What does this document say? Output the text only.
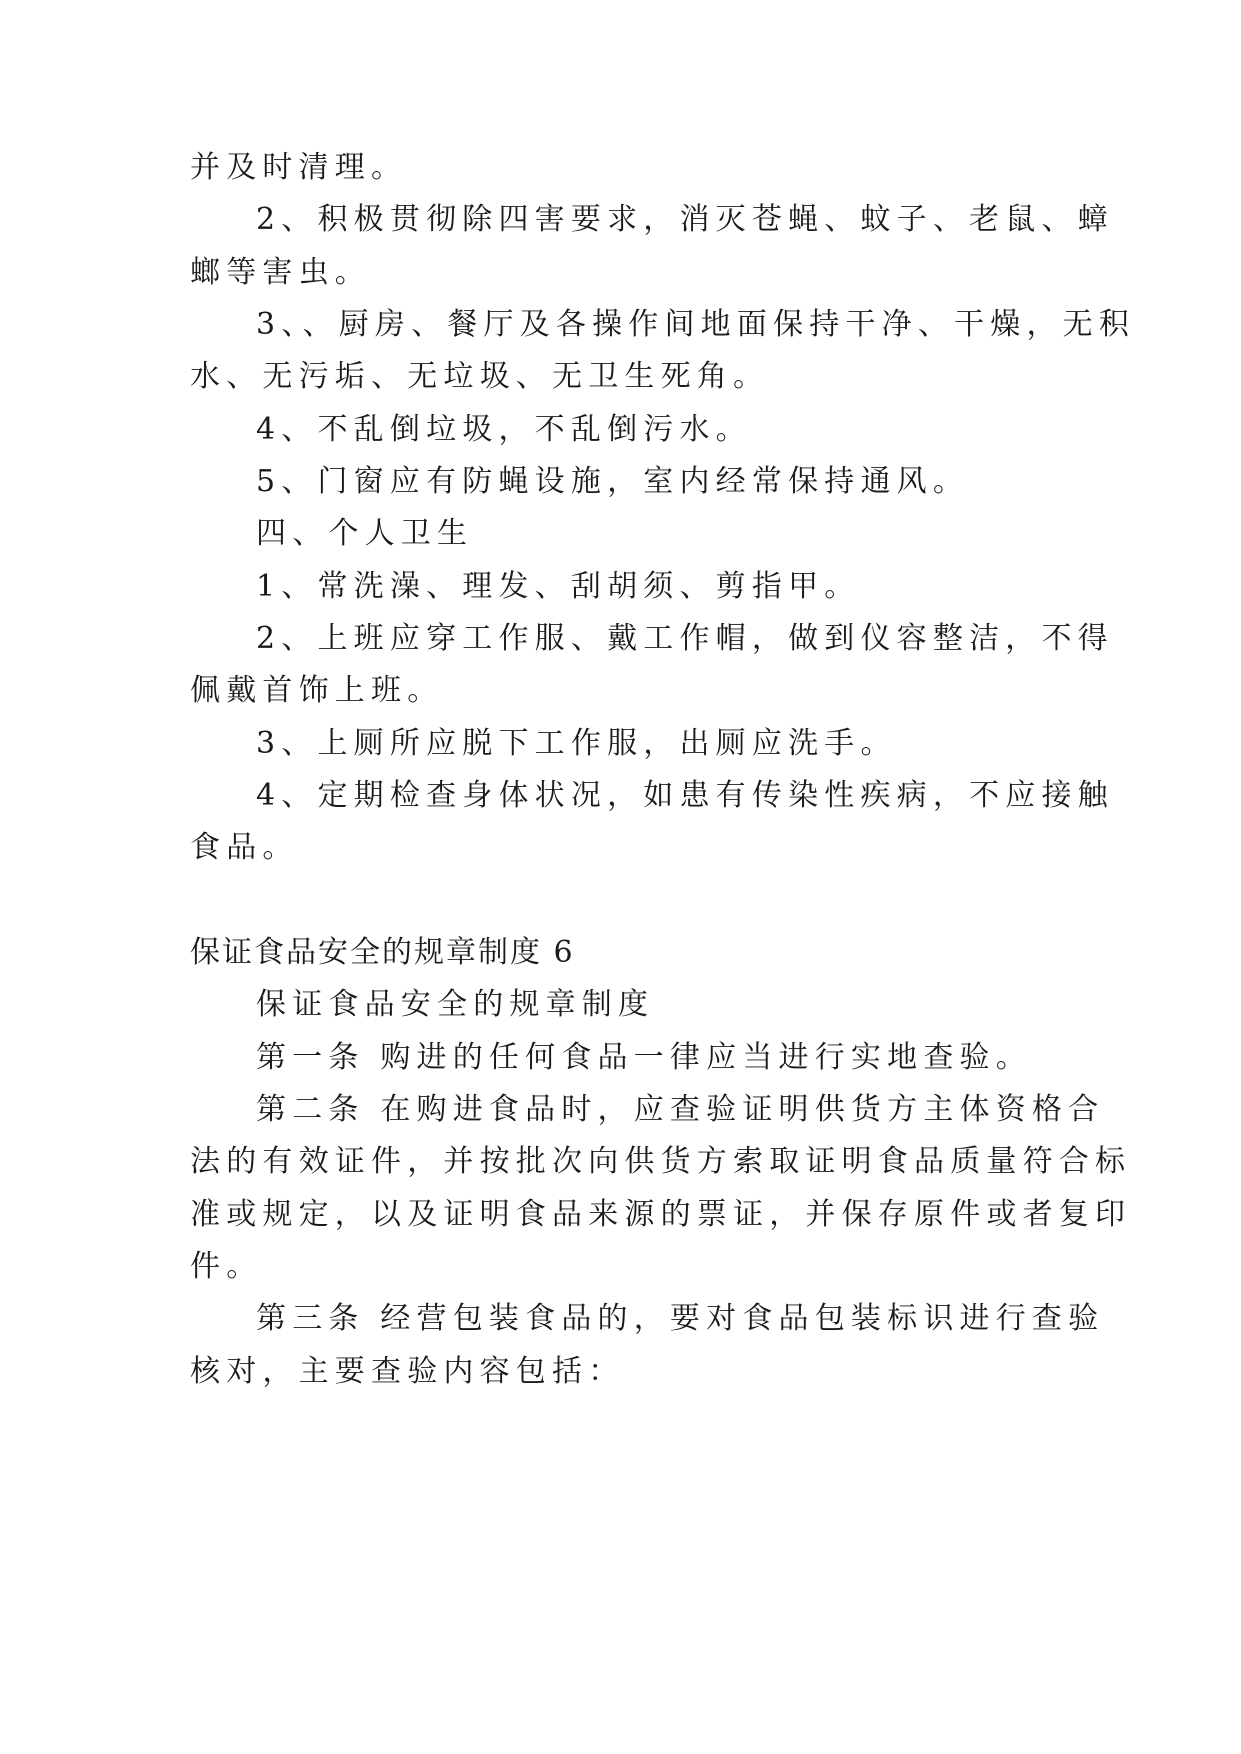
并及时清理。
2、积极贯彻除四害要求，消灭苍蝇、蚊子、老鼠、蟑
螂等害虫。
3、、厨房、餐厅及各操作间地面保持干净、干燥，无积
水、无污垢、无垃圾、无卫生死角。
4、不乱倒垃圾，不乱倒污水。
5、门窗应有防蝇设施，室内经常保持通风。
四、个人卫生
1、常洗澡、理发、刮胡须、剪指甲。
2、上班应穿工作服、戴工作帽，做到仪容整洁，不得
佩戴首饰上班。
3、上厕所应脱下工作服，出厕应洗手。
4、定期检查身体状况，如患有传染性疾病，不应接触
食品。
保证食品安全的规章制度 6
保证食品安全的规章制度
第一条 购进的任何食品一律应当进行实地查验。
第二条 在购进食品时，应查验证明供货方主体资格合
法的有效证件，并按批次向供货方索取证明食品质量符合标
准或规定，以及证明食品来源的票证，并保存原件或者复印
件。
第三条 经营包装食品的，要对食品包装标识进行查验
核对，主要查验内容包括：
